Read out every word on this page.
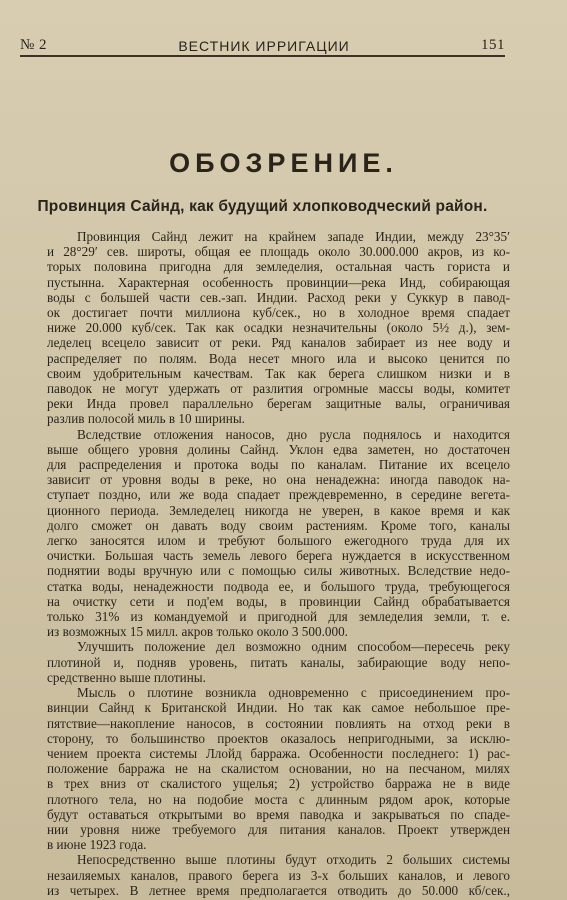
№ 2	ВЕСТНИК ИРРИГАЦИИ	151
ОБОЗРЕНИЕ.
Провинция Сайнд, как будущий хлопководческий район.
Провинция Сайнд лежит на крайнем западе Индии, между 23°35′
и 28°29′ сев. широты, общая ее площадь около 30.000.000 акров, из ко-
торых половина пригодна для земледелия, остальная часть гориста и
пустынна. Характерная особенность провинции—река Инд, собирающая
воды с большей части сев.-зап. Индии. Расход реки у Суккур в павод-
ок достигает почти миллиона куб/сек., но в холодное время спадает
ниже 20.000 куб/сек. Так как осадки незначительны (около 5½ д.), зем-
леделец всецело зависит от реки. Ряд каналов забирает из нее воду и
распределяет по полям. Вода несет много ила и высоко ценится по
своим удобрительным качествам. Так как берега слишком низки и в
паводок не могут удержать от разлития огромные массы воды, комитет
реки Инда провел параллельно берегам защитные валы, ограничивая
разлив полосой миль в 10 ширины.
Вследствие отложения наносов, дно русла поднялось и находится
выше общего уровня долины Сайнд. Уклон едва заметен, но достаточен
для распределения и протока воды по каналам. Питание их всецело
зависит от уровня воды в реке, но она ненадежна: иногда паводок на-
ступает поздно, или же вода спадает преждевременно, в середине вегета-
ционного периода. Земледелец никогда не уверен, в какое время и как
долго сможет он давать воду своим растениям. Кроме того, каналы
легко заносятся илом и требуют большого ежегодного труда для их
очистки. Большая часть земель левого берега нуждается в искусственном
поднятии воды вручную или с помощью силы животных. Вследствие недо-
статка воды, ненадежности подвода ее, и большого труда, требующегося
на очистку сети и под'ем воды, в провинции Сайнд обрабатывается
только 31% из командуемой и пригодной для земледелия земли, т. е.
из возможных 15 милл. акров только около 3 500.000.
Улучшить положение дел возможно одним способом—пересечь реку
плотиной и, подняв уровень, питать каналы, забирающие воду непо-
средственно выше плотины.
Мысль о плотине возникла одновременно с присоединением про-
винции Сайнд к Британской Индии. Но так как самое небольшое пре-
пятствие—накопление наносов, в состоянии повлиять на отход реки в
сторону, то большинство проектов оказалось непригодными, за исклю-
чением проекта системы Ллойд барража. Особенности последнего: 1) рас-
положение барража не на скалистом основании, но на песчаном, милях
в трех вниз от скалистого ущелья; 2) устройство барража не в виде
плотного тела, но на подобие моста с длинным рядом арок, которые
будут оставаться открытыми во время паводка и закрываться по спаде-
нии уровня ниже требуемого для питания каналов. Проект утвержден
в июне 1923 года.
Непосредственно выше плотины будут отходить 2 больших системы
незаиляемых каналов, правого берега из 3-х больших каналов, и левого
из четырех. В летнее время предполагается отводить до 50.000 кб/сек.,
